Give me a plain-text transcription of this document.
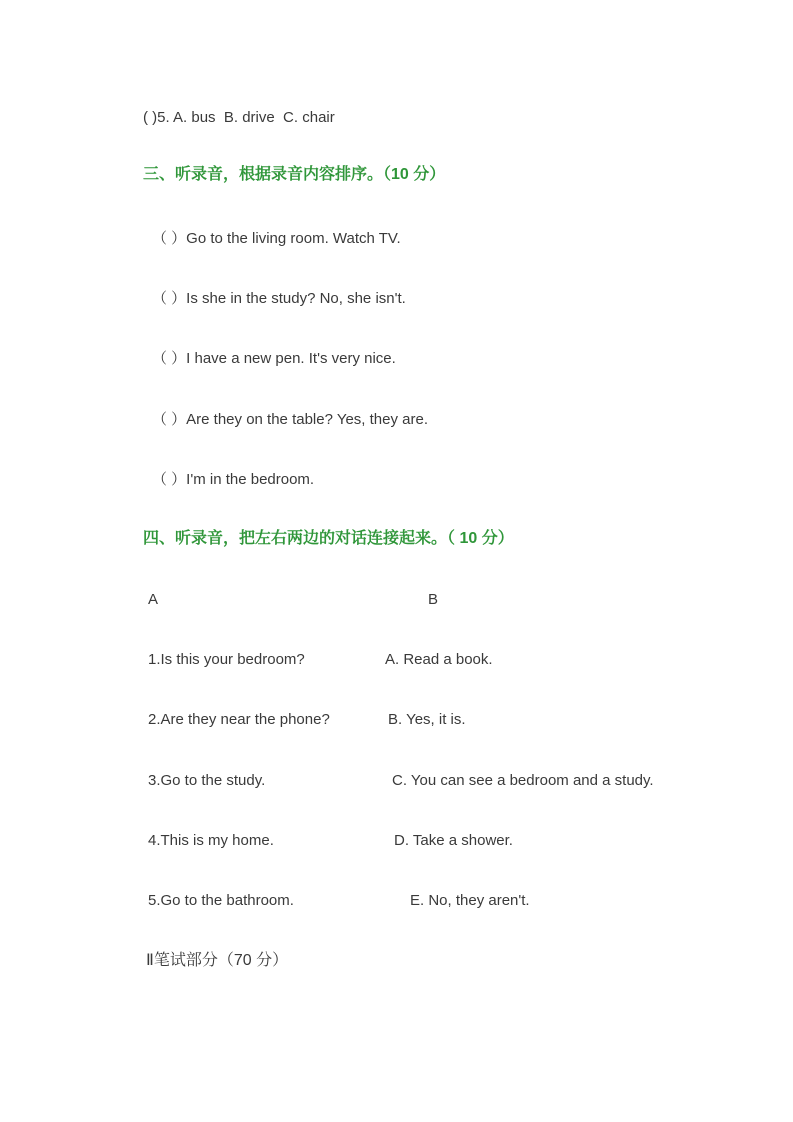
( )5. A. bus  B. drive  C. chair
三、听录音，根据录音内容排序。（10 分）
（ ）Go to the living room. Watch TV.
（ ）Is she in the study? No, she isn't.
（ ）I have a new pen. It's very nice.
（ ）Are they on the table? Yes, they are.
（ ）I'm in the bedroom.
四、听录音，把左右两边的对话连接起来。（ 10 分）
A	B
1.Is this your bedroom?	A. Read a book.
2.Are they near the phone?	B. Yes, it is.
3.Go to the study.	C. You can see a bedroom and a study.
4.This is my home.	D. Take a shower.
5.Go to the bathroom.	E. No, they aren't.
Ⅱ笔试部分（70 分）
